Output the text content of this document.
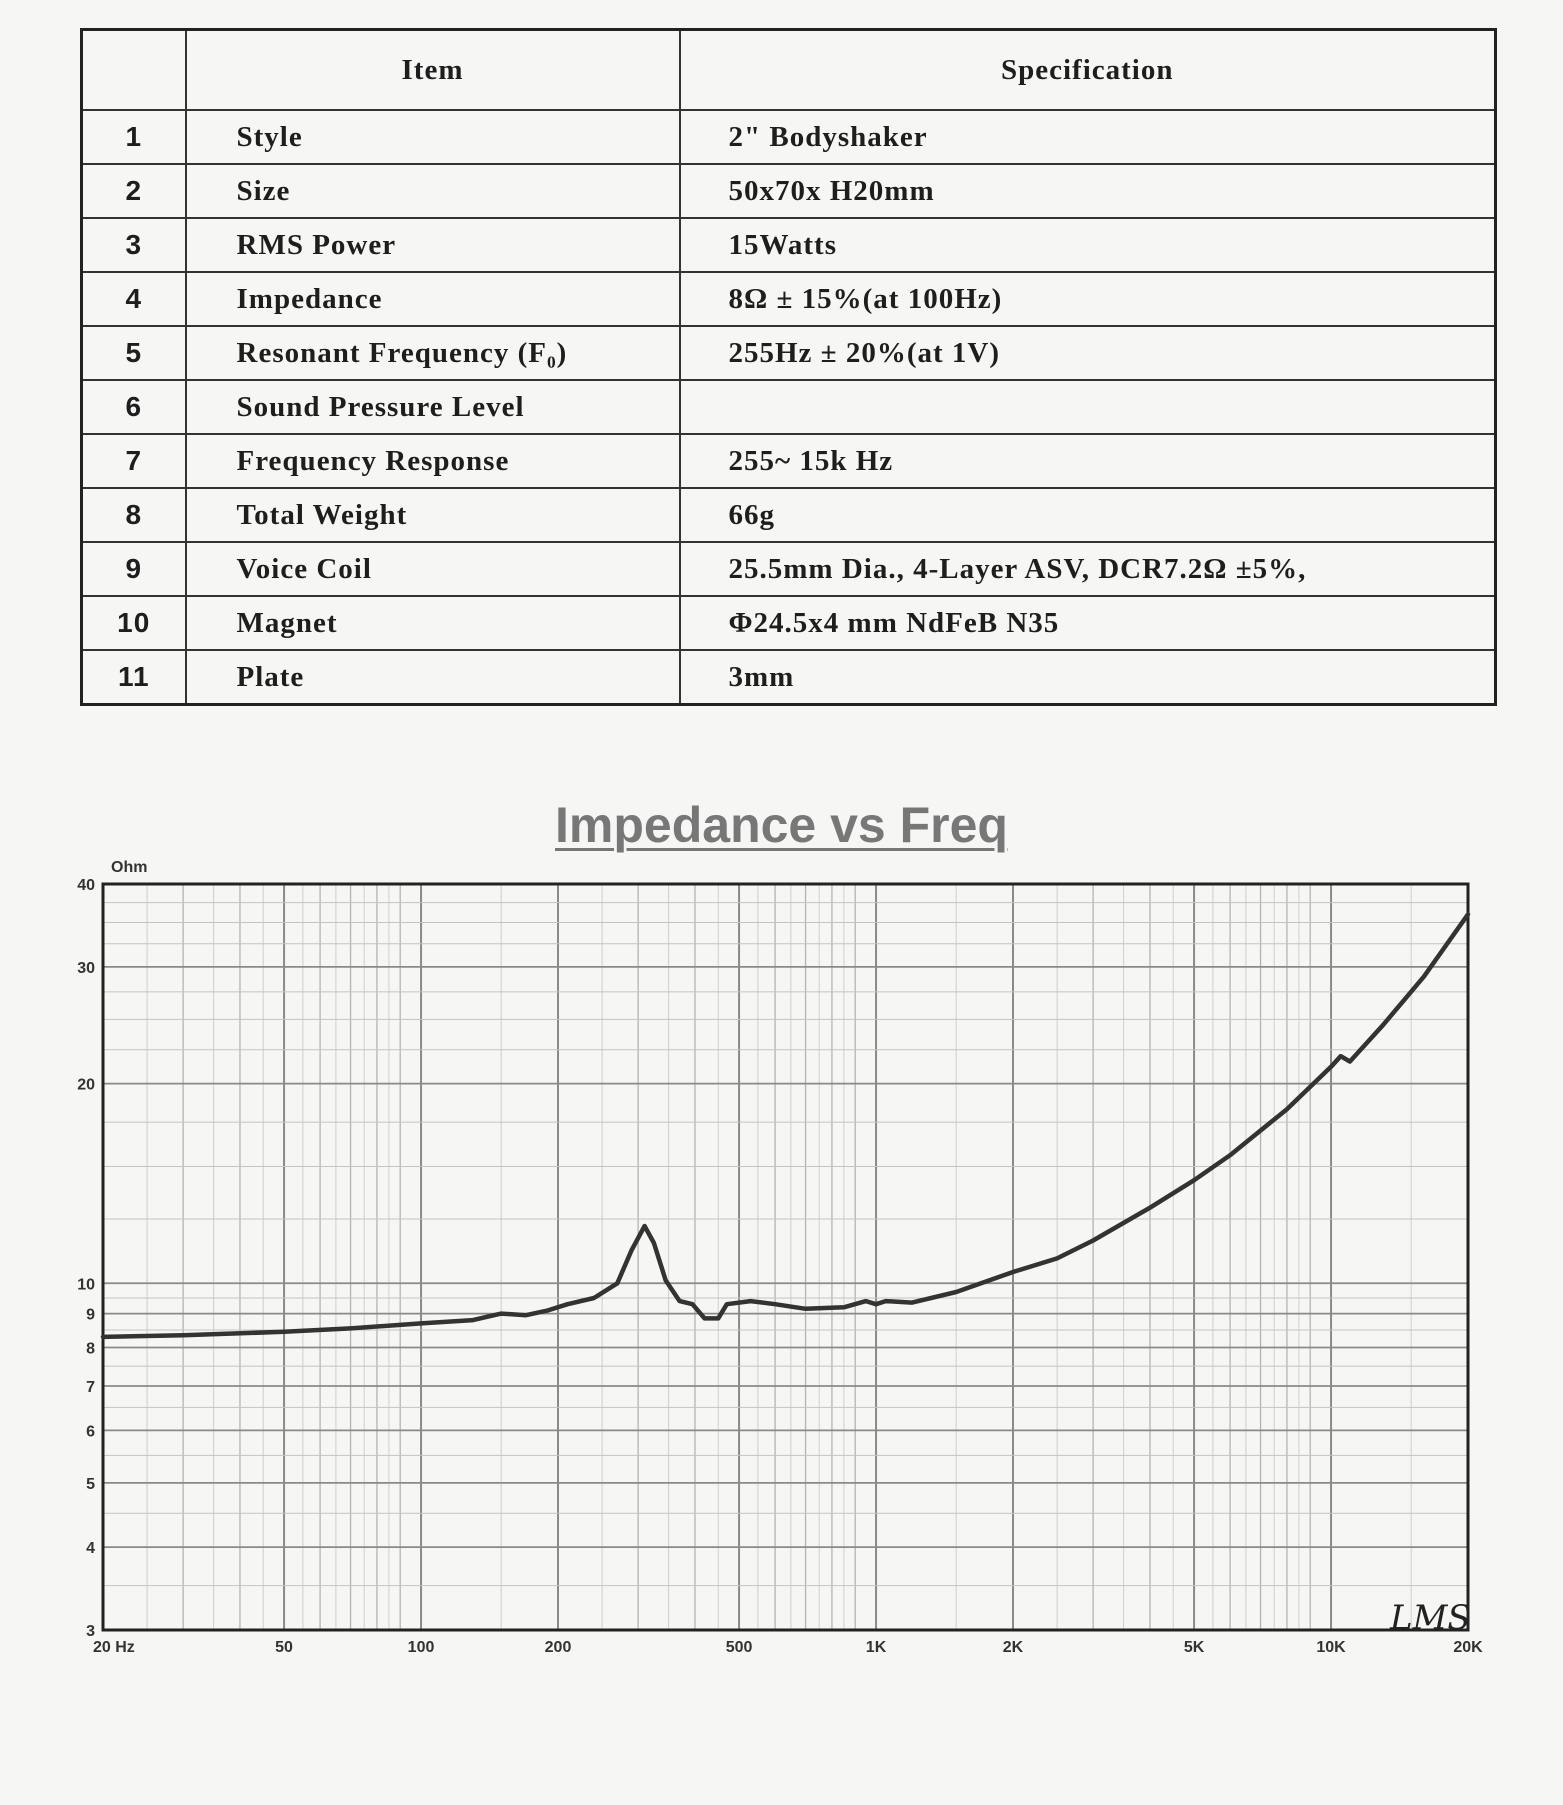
	Item	Specification
1	Style	2" Bodyshaker
2	Size	50x70x H20mm
3	RMS Power	15Watts
4	Impedance	8Ω ± 15%(at 100Hz)
5	Resonant Frequency (F₀)	255Hz ± 20%(at 1V)
6	Sound Pressure Level	
7	Frequency Response	255~ 15k Hz
8	Total Weight	66g
9	Voice Coil	25.5mm Dia., 4-Layer ASV, DCR7.2Ω ±5%,
10	Magnet	Φ24.5x4 mm NdFeB N35
11	Plate	3mm
Impedance vs Freq
40
30
20
10
9
8
7
6
5
4
3
20 Hz	50	100	200	500	1K	2K	5K	10K	20K
Ohm
LMS
